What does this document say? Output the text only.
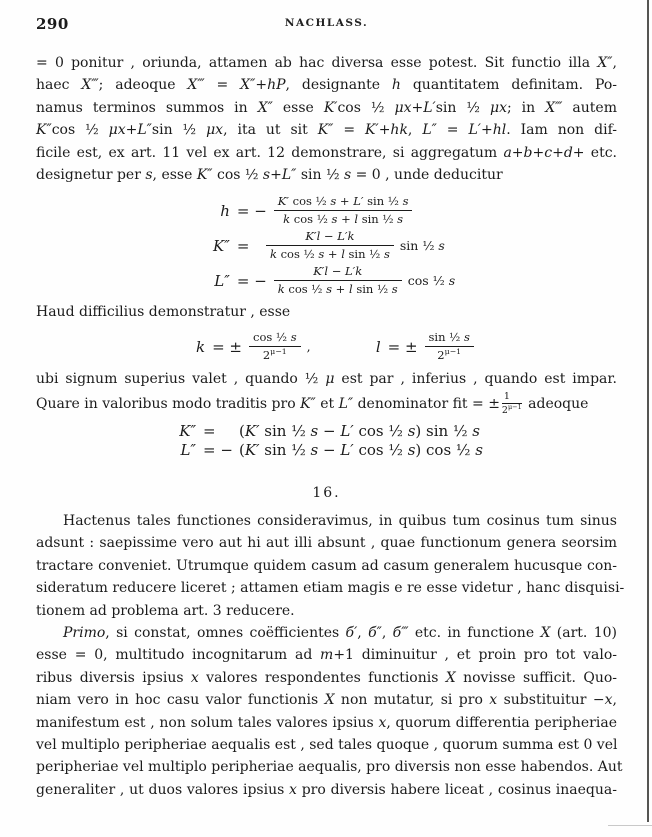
290	NACHLASS.
= 0 ponitur , oriunda, attamen ab hac diversa esse potest. Sit functio illa X″,
haec X‴; adeoque X‴ = X″+hP, designante h quantitatem definitam. Po-
namus terminos summos in X″ esse K′cos ½ μx+L′sin ½ μx; in X‴ autem
K″cos ½ μx+L″sin ½ μx, ita ut sit K″ = K′+hk, L″ = L′+hl. Iam non dif-
ficile est, ex art. 11 vel ex art. 12 demonstrare, si aggregatum a+b+c+d+ etc.
designetur per s, esse K″ cos ½ s+L″ sin ½ s = 0 , unde deducitur
h = − $\frac{\text{K′ cos ½ s + L′ sin ½ s}}{\text{k cos ½ s + l sin ½ s}}$
$K'' = \frac{K'l - L'k}{\text{k cos ½ s + l sin ½ s}}$ sin ½ s
L″ = − $\frac{K'l - L'k}{\text{k cos ½ s + l sin ½ s}}$ cos ½ s
Haud difficilius demonstratur , esse
k = ± $\frac{\text{cos ½ s}}{2^{\mu-1}}$ ,	l = ± $\frac{\text{sin ½ s}}{2^{\mu-1}}$
ubi signum superius valet , quando ½ μ est par , inferius , quando est impar.
Quare in valoribus modo traditis pro K″ et L″ denominator fit = ± $\frac{1}{2^{\mu-1}}$ adeoque
K″ = (K′ sin ½ s − L′ cos ½ s) sin ½ s
L″ = − (K′ sin ½ s − L′ cos ½ s) cos ½ s
16.
Hactenus tales functiones consideravimus, in quibus tum cosinus tum sinus
adsunt : saepissime vero aut hi aut illi absunt , quae functionum genera seorsim
tractare conveniet. Utrumque quidem casum ad casum generalem hucusque con-
sideratum reducere liceret ; attamen etiam magis e re esse videtur , hanc disquisi-
tionem ad problema art. 3 reducere.
Primo, si constat, omnes coëfficientes б′, б″, б‴ etc. in functione X (art. 10)
esse = 0, multitudo incognitarum ad m+1 diminuitur , et proin pro tot valo-
ribus diversis ipsius x valores respondentes functionis X novisse sufficit. Quo-
niam vero in hoc casu valor functionis X non mutatur, si pro x substituitur −x,
manifestum est , non solum tales valores ipsius x, quorum differentia peripheriae
vel multiplo peripheriae aequalis est , sed tales quoque , quorum summa est 0 vel
peripheriae vel multiplo peripheriae aequalis, pro diversis non esse habendos. Aut
generaliter , ut duos valores ipsius x pro diversis habere liceat , cosinus inaequa-
